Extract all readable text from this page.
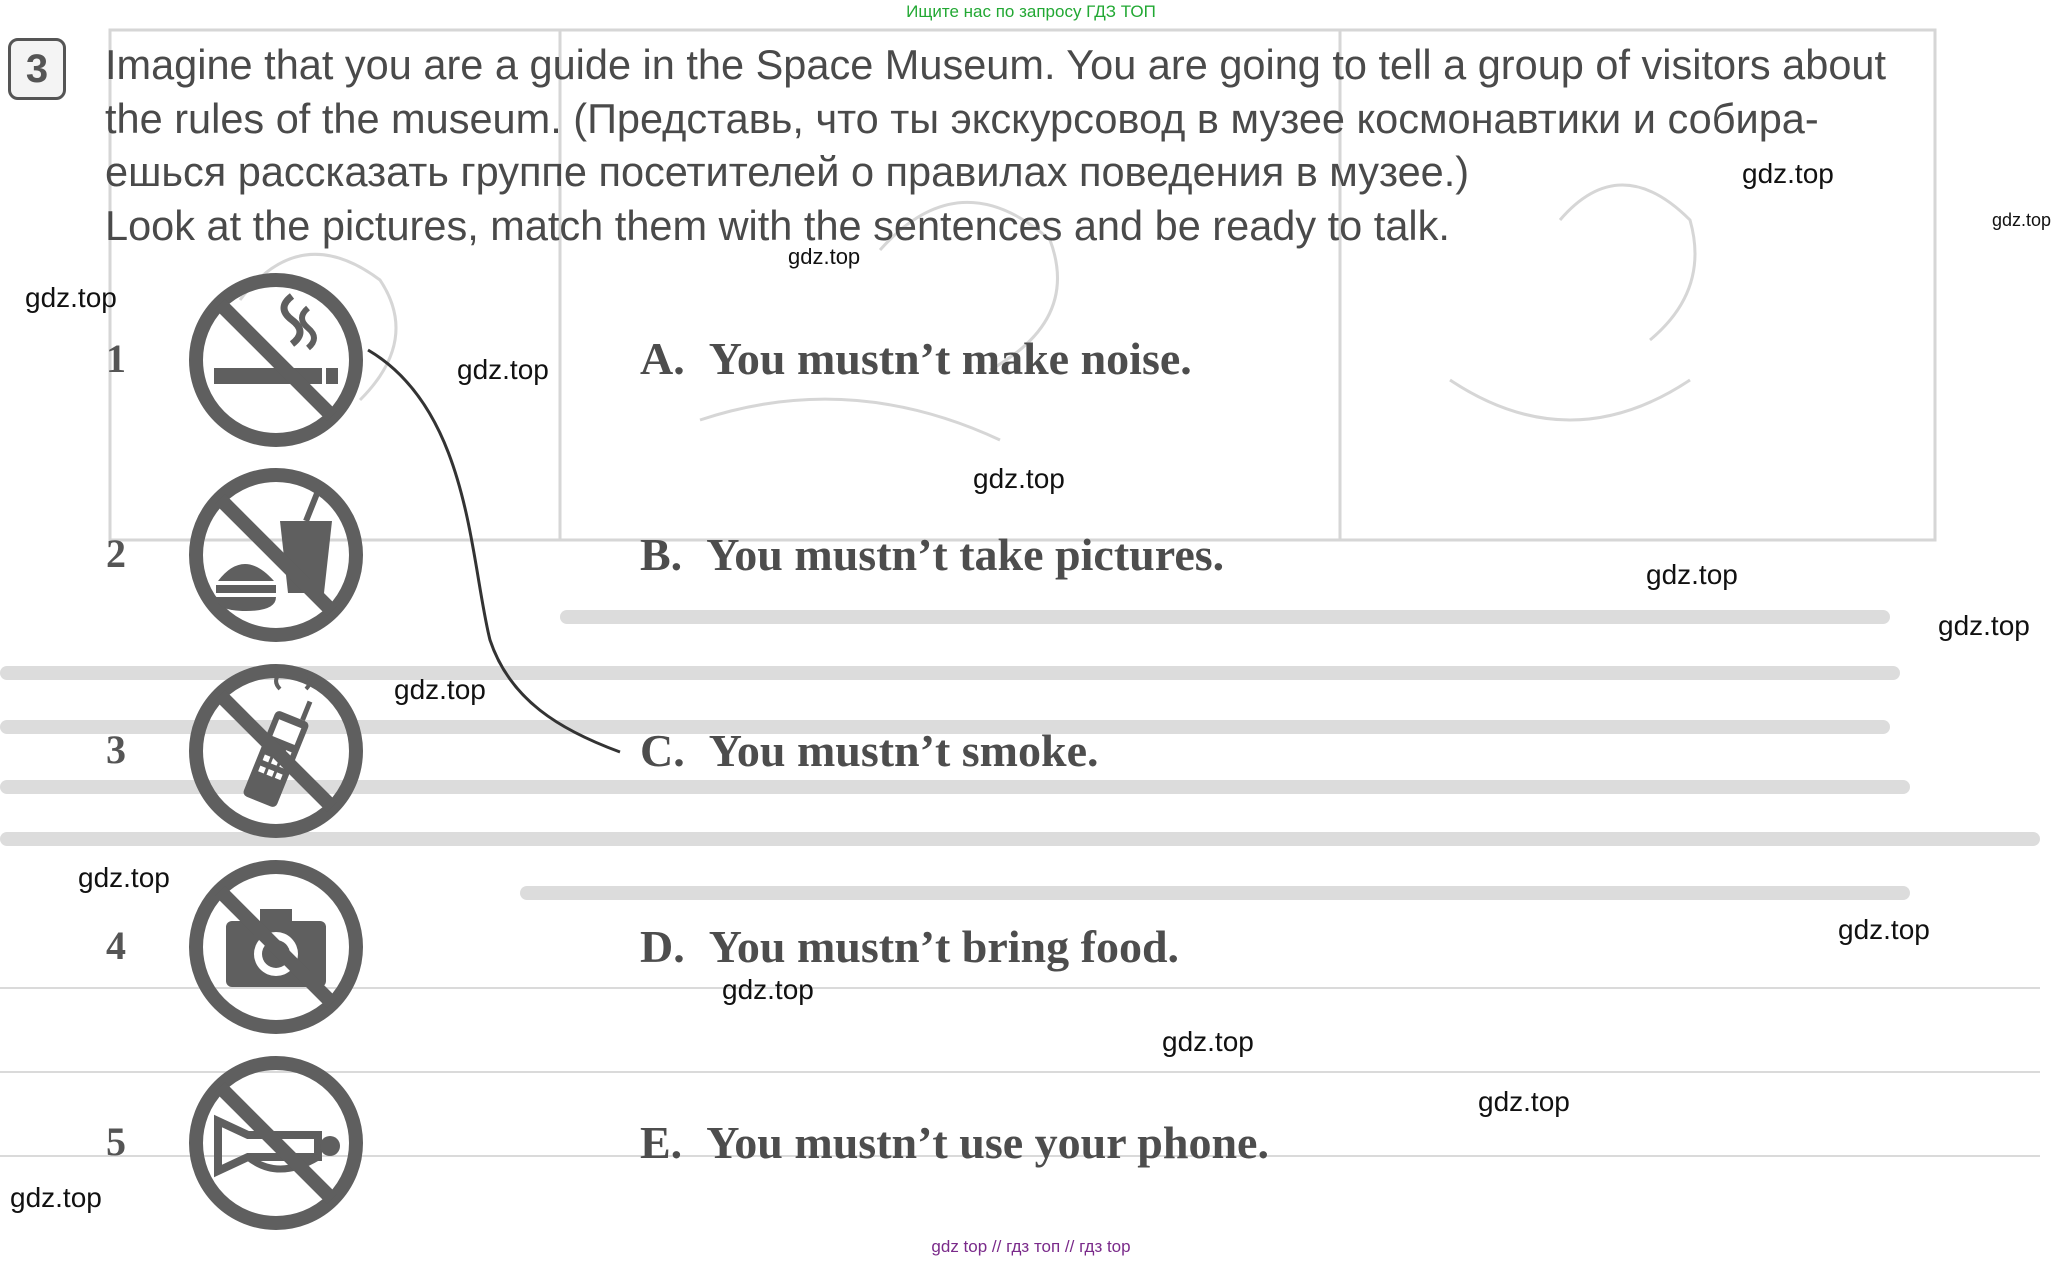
Ищите нас по запросу ГДЗ ТОП
3	Imagine that you are a guide in the Space Museum. You are going to tell a group of visitors about
the rules of the museum. (Представь, что ты экскурсовод в музее космонавтики и собира-
ешься рассказать группе посетителей о правилах поведения в музее.)
Look at the pictures, match them with the sentences and be ready to talk.
1
2
3
4
5
A. You mustn’t make noise.
B. You mustn’t take pictures.
C. You mustn’t smoke.
D. You mustn’t bring food.
E. You mustn’t use your phone.
gdz.top
gdz.top
gdz.top
gdz.top
gdz.top
gdz.top
gdz.top
gdz.top
gdz.top
gdz.top
gdz.top
gdz.top
gdz.top
gdz.top
gdz.top
gdz top // гдз топ // гдз top
